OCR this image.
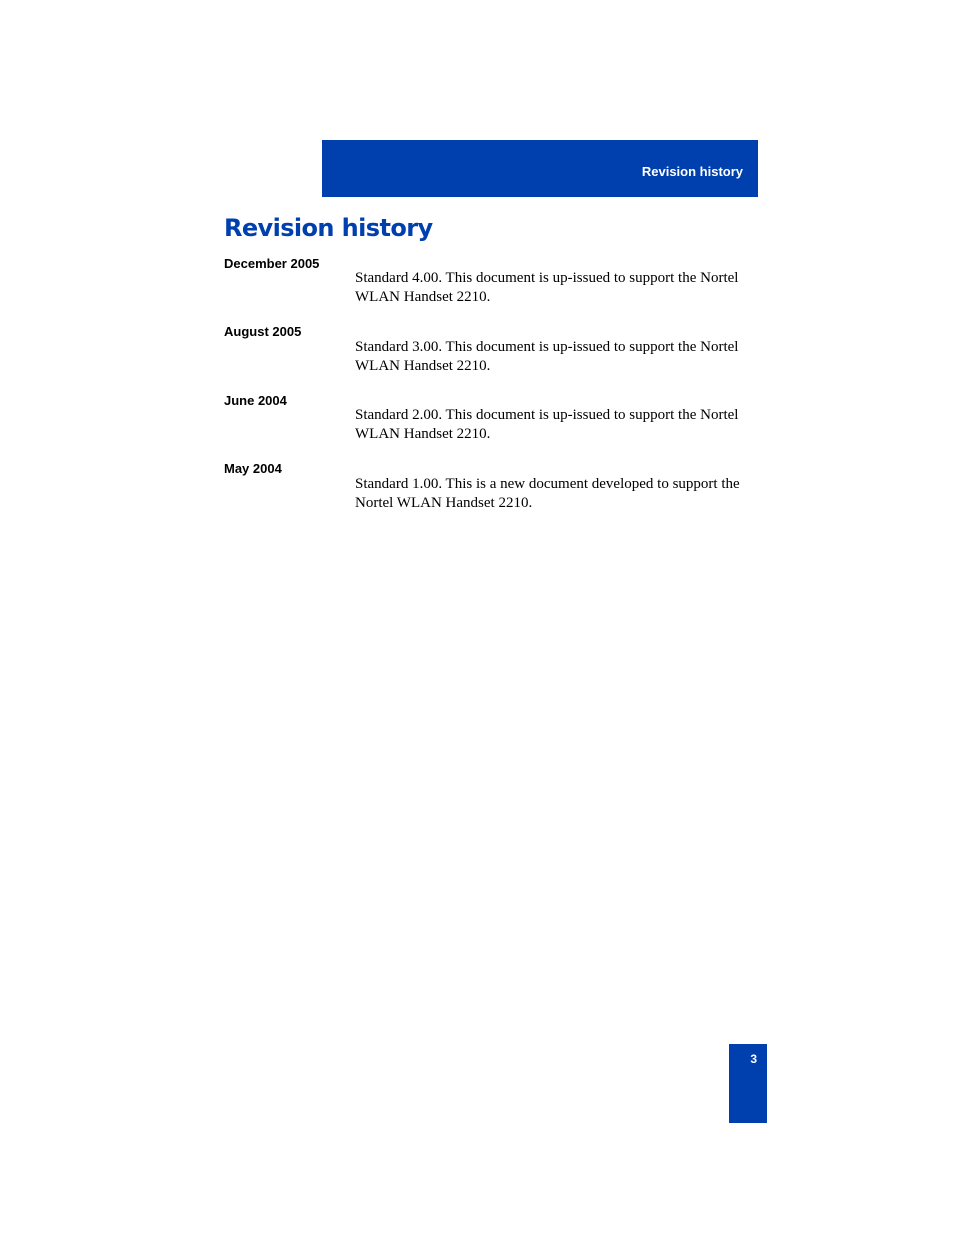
Revision history
Revision history
December 2005
Standard 4.00. This document is up-issued to support the Nortel WLAN Handset 2210.
August 2005
Standard 3.00. This document is up-issued to support the Nortel WLAN Handset 2210.
June 2004
Standard 2.00. This document is up-issued to support the Nortel WLAN Handset 2210.
May 2004
Standard 1.00. This is a new document developed to support the Nortel WLAN Handset 2210.
3
